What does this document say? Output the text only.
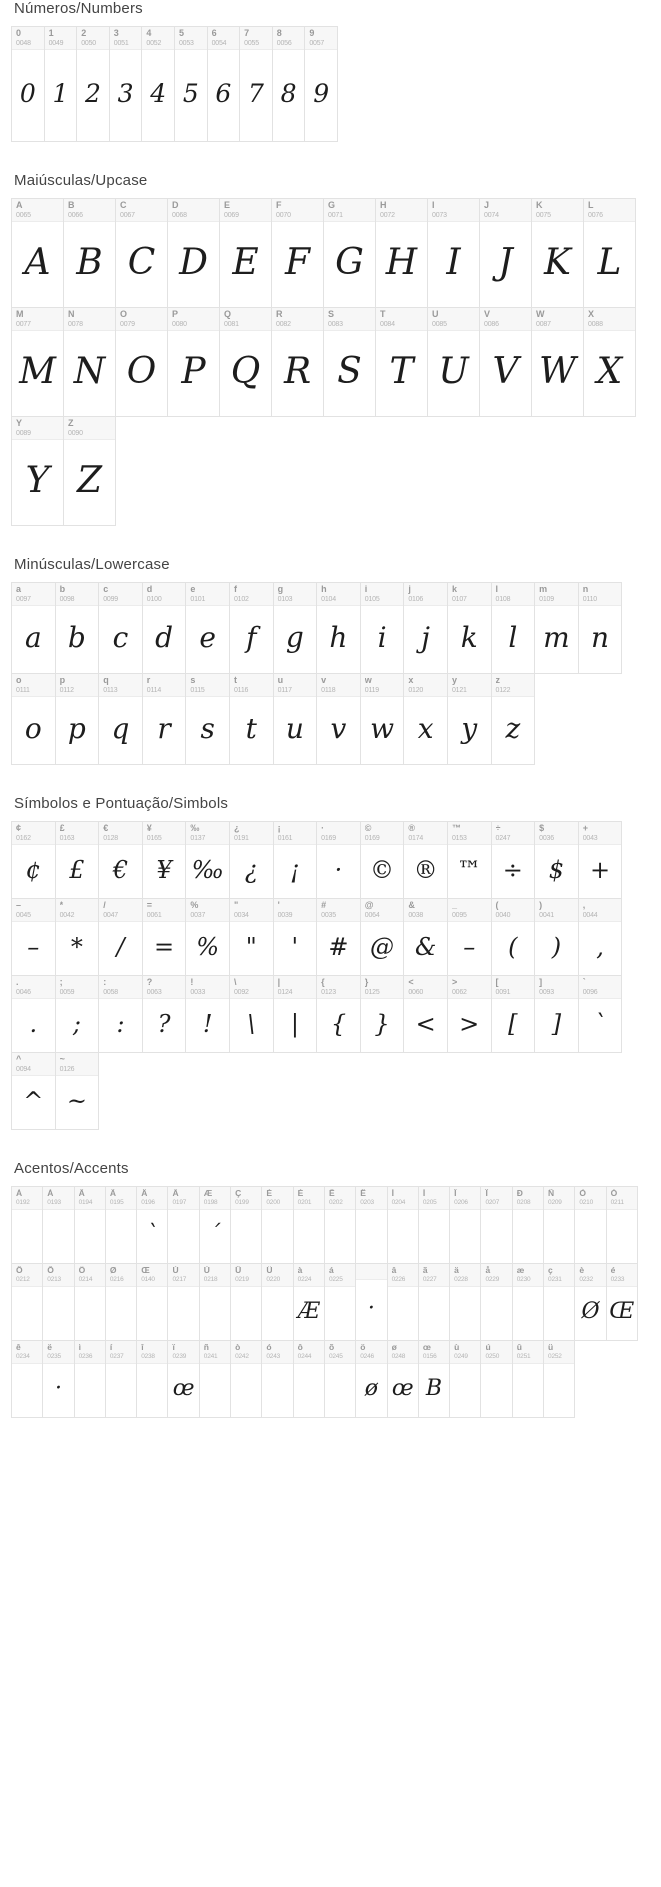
Números/Numbers
0
0048
0
1
0049
1
2
0050
2
3
0051
3
4
0052
4
5
0053
5
6
0054
6
7
0055
7
8
0056
8
9
0057
9
Maiúsculas/Upcase
A
0065
A
B
0066
B
C
0067
C
D
0068
D
E
0069
E
F
0070
F
G
0071
G
H
0072
H
I
0073
I
J
0074
J
K
0075
K
L
0076
L
M
0077
M
N
0078
N
O
0079
O
P
0080
P
Q
0081
Q
R
0082
R
S
0083
S
T
0084
T
U
0085
U
V
0086
V
W
0087
W
X
0088
X
Y
0089
Y
Z
0090
Z
Minúsculas/Lowercase
a
0097
a
b
0098
b
c
0099
c
d
0100
d
e
0101
e
f
0102
f
g
0103
g
h
0104
h
i
0105
i
j
0106
j
k
0107
k
l
0108
l
m
0109
m
n
0110
n
o
0111
o
p
0112
p
q
0113
q
r
0114
r
s
0115
s
t
0116
t
u
0117
u
v
0118
v
w
0119
w
x
0120
x
y
0121
y
z
0122
z
Símbolos e Pontuação/Simbols
¢
0162
¢
£
0163
£
€
0128
€
¥
0165
¥
‰
0137
‰
¿
0191
¿
¡
0161
¡
·
0169
·
©
0169
©
®
0174
®
™
0153
™
÷
0247
÷
$
0036
$
+
0043
+
–
0045
–
*
0042
*
/
0047
/
=
0061
=
%
0037
%
"
0034
"
'
0039
'
#
0035
#
@
0064
@
&
0038
&
_
0095
–
(
0040
(
)
0041
)
,
0044
,
.
0046
.
;
0059
;
:
0058
:
?
0063
?
!
0033
!
\
0092
\
|
0124
|
{
0123
{
}
0125
}
<
0060
<
>
0062
>
[
0091
[
]
0093
]
`
0096
`
^
0094
^
~
0126
~
Acentos/Accents
À
0192
Á
0193
Â
0194
Ã
0195
Ä
0196
`
Å
0197
Æ
0198
´
Ç
0199
È
0200
É
0201
Ê
0202
Ë
0203
Ì
0204
Í
0205
Î
0206
Ï
0207
Ð
0208
Ñ
0209
Ò
0210
Ó
0211
Ô
0212
Õ
0213
Ö
0214
Ø
0216
Œ
0140
Ù
0217
Ú
0218
Û
0219
Ü
0220
à
0224
Æ
á
0225
·
â
0226
ã
0227
ä
0228
å
0229
æ
0230
ç
0231
è
0232
Ø
é
0233
Œ
ê
0234
ë
0235
·
ì
0236
í
0237
î
0238
ï
0239
œ
ñ
0241
ò
0242
ó
0243
ô
0244
õ
0245
ö
0246
ø
ø
0248
œ
œ
0156
B
ù
0249
ú
0250
û
0251
ü
0252
